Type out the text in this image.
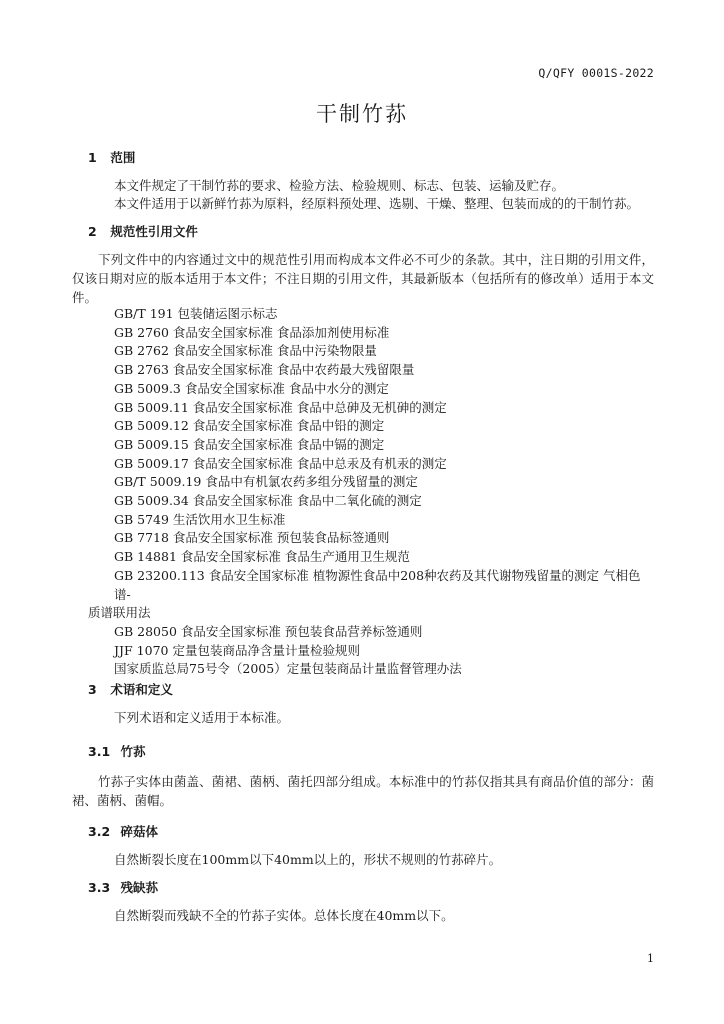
Q/QFY 0001S-2022
干制竹荪
1 范围
本文件规定了干制竹荪的要求、检验方法、检验规则、标志、包装、运输及贮存。
本文件适用于以新鲜竹荪为原料，经原料预处理、选剔、干燥、整理、包装而成的的干制竹荪。
2 规范性引用文件
下列文件中的内容通过文中的规范性引用而构成本文件必不可少的条款。其中，注日期的引用文件，仅该日期对应的版本适用于本文件；不注日期的引用文件，其最新版本（包括所有的修改单）适用于本文件。
GB/T 191 包装储运图示标志
GB 2760 食品安全国家标准 食品添加剂使用标准
GB 2762 食品安全国家标准 食品中污染物限量
GB 2763 食品安全国家标准 食品中农药最大残留限量
GB 5009.3 食品安全国家标准 食品中水分的测定
GB 5009.11 食品安全国家标准 食品中总砷及无机砷的测定
GB 5009.12 食品安全国家标准 食品中铅的测定
GB 5009.15 食品安全国家标准 食品中镉的测定
GB 5009.17 食品安全国家标准 食品中总汞及有机汞的测定
GB/T 5009.19 食品中有机氯农药多组分残留量的测定
GB 5009.34 食品安全国家标准 食品中二氧化硫的测定
GB 5749 生活饮用水卫生标准
GB 7718 食品安全国家标准 预包装食品标签通则
GB 14881 食品安全国家标准 食品生产通用卫生规范
GB 23200.113 食品安全国家标准 植物源性食品中208种农药及其代谢物残留量的测定 气相色谱-
质谱联用法
GB 28050 食品安全国家标准 预包装食品营养标签通则
JJF 1070 定量包装商品净含量计量检验规则
国家质监总局75号令（2005）定量包装商品计量监督管理办法
3 术语和定义
下列术语和定义适用于本标准。
3.1 竹荪
竹荪子实体由菌盖、菌裙、菌柄、菌托四部分组成。本标准中的竹荪仅指其具有商品价值的部分：菌裙、菌柄、菌帽。
3.2 碎菇体
自然断裂长度在100mm以下40mm以上的，形状不规则的竹荪碎片。
3.3 残缺荪
自然断裂而残缺不全的竹荪子实体。总体长度在40mm以下。
1
